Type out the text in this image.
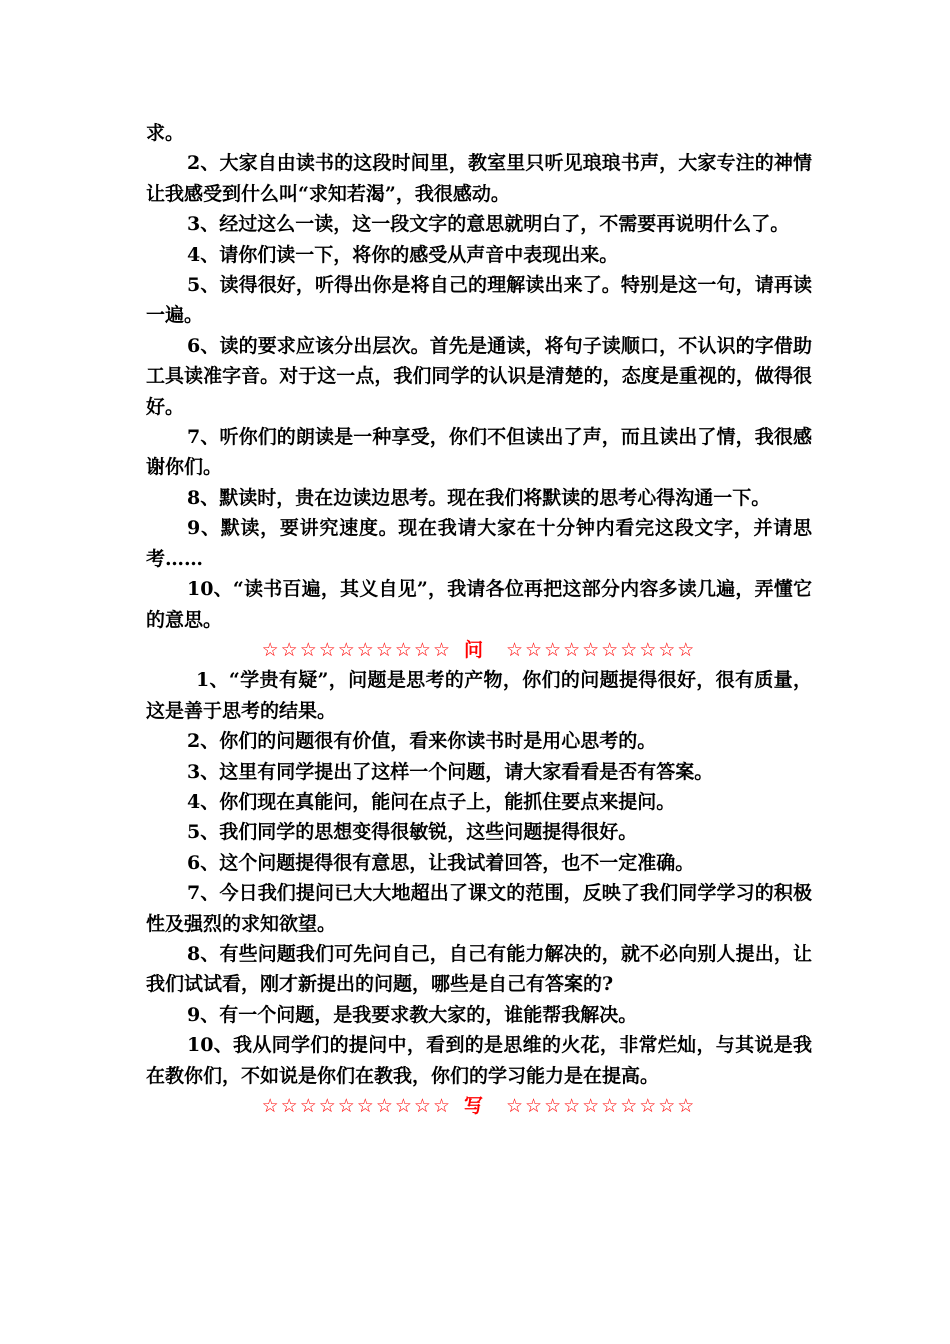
求。

2、大家自由读书的这段时间里，教室里只听见琅琅书声，大家专注的神情让我感受到什么叫“求知若渴”，我很感动。

3、经过这么一读，这一段文字的意思就明白了，不需要再说明什么了。

4、请你们读一下，将你的感受从声音中表现出来。

5、读得很好，听得出你是将自己的理解读出来了。特别是这一句，请再读一遍。

6、读的要求应该分出层次。首先是通读，将句子读顺口，不认识的字借助工具读准字音。对于这一点，我们同学的认识是清楚的，态度是重视的，做得很好。

7、听你们的朗读是一种享受，你们不但读出了声，而且读出了情，我很感谢你们。

8、默读时，贵在边读边思考。现在我们将默读的思考心得沟通一下。

9、默读，要讲究速度。现在我请大家在十分钟内看完这段文字，并请思考……

10、“读书百遍，其义自见”，我请各位再把这部分内容多读几遍，弄懂它的意思。

☆☆☆☆☆☆☆☆☆☆ 问 ☆☆☆☆☆☆☆☆☆☆

1、“学贵有疑”，问题是思考的产物，你们的问题提得很好，很有质量，这是善于思考的结果。

2、你们的问题很有价值，看来你读书时是用心思考的。

3、这里有同学提出了这样一个问题，请大家看看是否有答案。

4、你们现在真能问，能问在点子上，能抓住要点来提问。

5、我们同学的思想变得很敏锐，这些问题提得很好。

6、这个问题提得很有意思，让我试着回答，也不一定准确。

7、今日我们提问已大大地超出了课文的范围，反映了我们同学学习的积极性及强烈的求知欲望。

8、有些问题我们可先问自己，自己有能力解决的，就不必向别人提出，让我们试试看，刚才新提出的问题，哪些是自己有答案的?

9、有一个问题，是我要求教大家的，谁能帮我解决。

10、我从同学们的提问中，看到的是思维的火花，非常烂灿，与其说是我在教你们，不如说是你们在教我，你们的学习能力是在提高。

☆☆☆☆☆☆☆☆☆☆ 写 ☆☆☆☆☆☆☆☆☆☆
